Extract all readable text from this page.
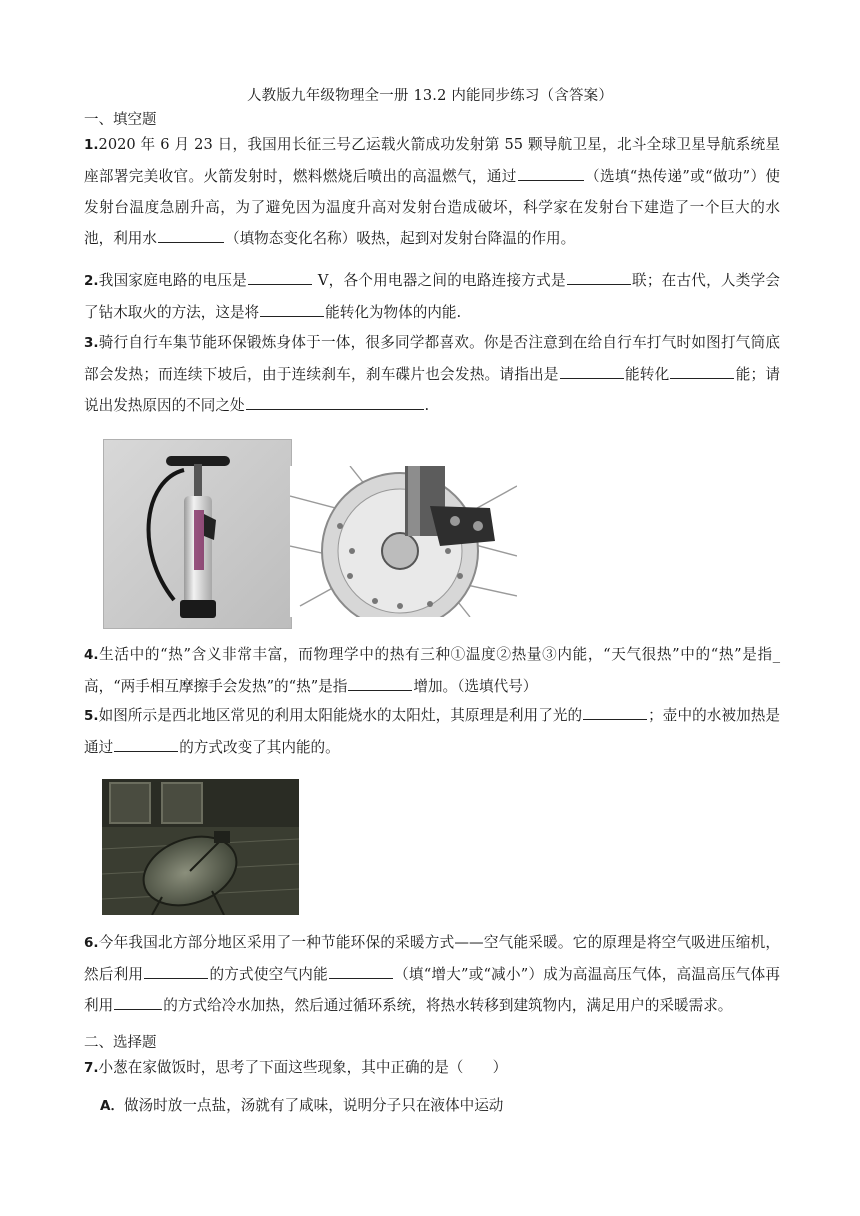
人教版九年级物理全一册 13.2 内能同步练习（含答案）
一、填空题
1.2020 年 6 月 23 日，我国用长征三号乙运载火箭成功发射第 55 颗导航卫星，北斗全球卫星导航系统星座部署完美收官。火箭发射时，燃料燃烧后喷出的高温燃气，通过	（选填“热传递”或“做功”）使发射台温度急剧升高，为了避免因为温度升高对发射台造成破坏，科学家在发射台下建造了一个巨大的水池，利用水	（填物态变化名称）吸热，起到对发射台降温的作用。
2.我国家庭电路的电压是	V，各个用电器之间的电路连接方式是	联；在古代，人类学会了钻木取火的方法，这是将	能转化为物体的内能.
3.骑行自行车集节能环保锻炼身体于一体，很多同学都喜欢。你是否注意到在给自行车打气时如图打气筒底部会发热；而连续下坡后，由于连续刹车，刹车碟片也会发热。请指出是	能转化	能；请说出发热原因的不同之处	.
4.生活中的“热”含义非常丰富，而物理学中的热有三种①温度②热量③内能，“天气很热”中的“热”是指_高，“两手相互摩擦手会发热”的“热”是指	增加。（选填代号）
5.如图所示是西北地区常见的利用太阳能烧水的太阳灶，其原理是利用了光的	；壶中的水被加热是通过	的方式改变了其内能的。
6.今年我国北方部分地区采用了一种节能环保的采暖方式——空气能采暖。它的原理是将空气吸进压缩机，然后利用	的方式使空气内能	（填“增大”或“减小”）成为高温高压气体，高温高压气体再利用	的方式给冷水加热，然后通过循环系统，将热水转移到建筑物内，满足用户的采暖需求。
二、选择题
7.小葱在家做饭时，思考了下面这些现象，其中正确的是（　　）
A．做汤时放一点盐，汤就有了咸味，说明分子只在液体中运动
